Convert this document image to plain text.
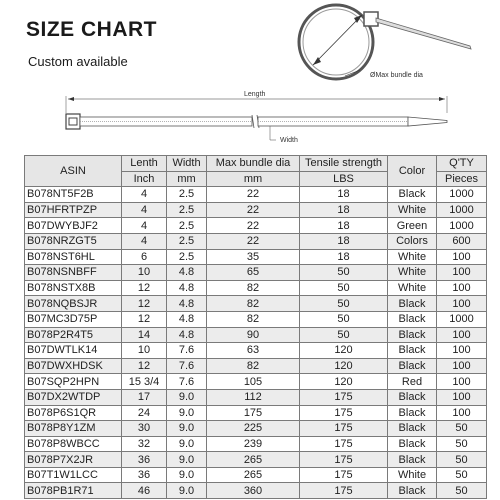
SIZE CHART
Custom available
ØMax bundle dia
Length
Width
ASIN	Lenth	Width	Max bundle dia	Tensile strength	Color	Q'TY
	Inch	mm	mm	LBS		Pieces
B078NT5F2B	4	2.5	22	18	Black	1000
B07HFRTPZP	4	2.5	22	18	White	1000
B07DWYBJF2	4	2.5	22	18	Green	1000
B078NRZGT5	4	2.5	22	18	Colors	600
B078NST6HL	6	2.5	35	18	White	100
B078NSNBFF	10	4.8	65	50	White	100
B078NSTX8B	12	4.8	82	50	White	100
B078NQBSJR	12	4.8	82	50	Black	100
B07MC3D75P	12	4.8	82	50	Black	1000
B078P2R4T5	14	4.8	90	50	Black	100
B07DWTLK14	10	7.6	63	120	Black	100
B07DWXHDSK	12	7.6	82	120	Black	100
B07SQP2HPN	15 3/4	7.6	105	120	Red	100
B07DX2WTDP	17	9.0	112	175	Black	100
B078P6S1QR	24	9.0	175	175	Black	100
B078P8Y1ZM	30	9.0	225	175	Black	50
B078P8WBCC	32	9.0	239	175	Black	50
B078P7X2JR	36	9.0	265	175	Black	50
B07T1W1LCC	36	9.0	265	175	White	50
B078PB1R71	46	9.0	360	175	Black	50
